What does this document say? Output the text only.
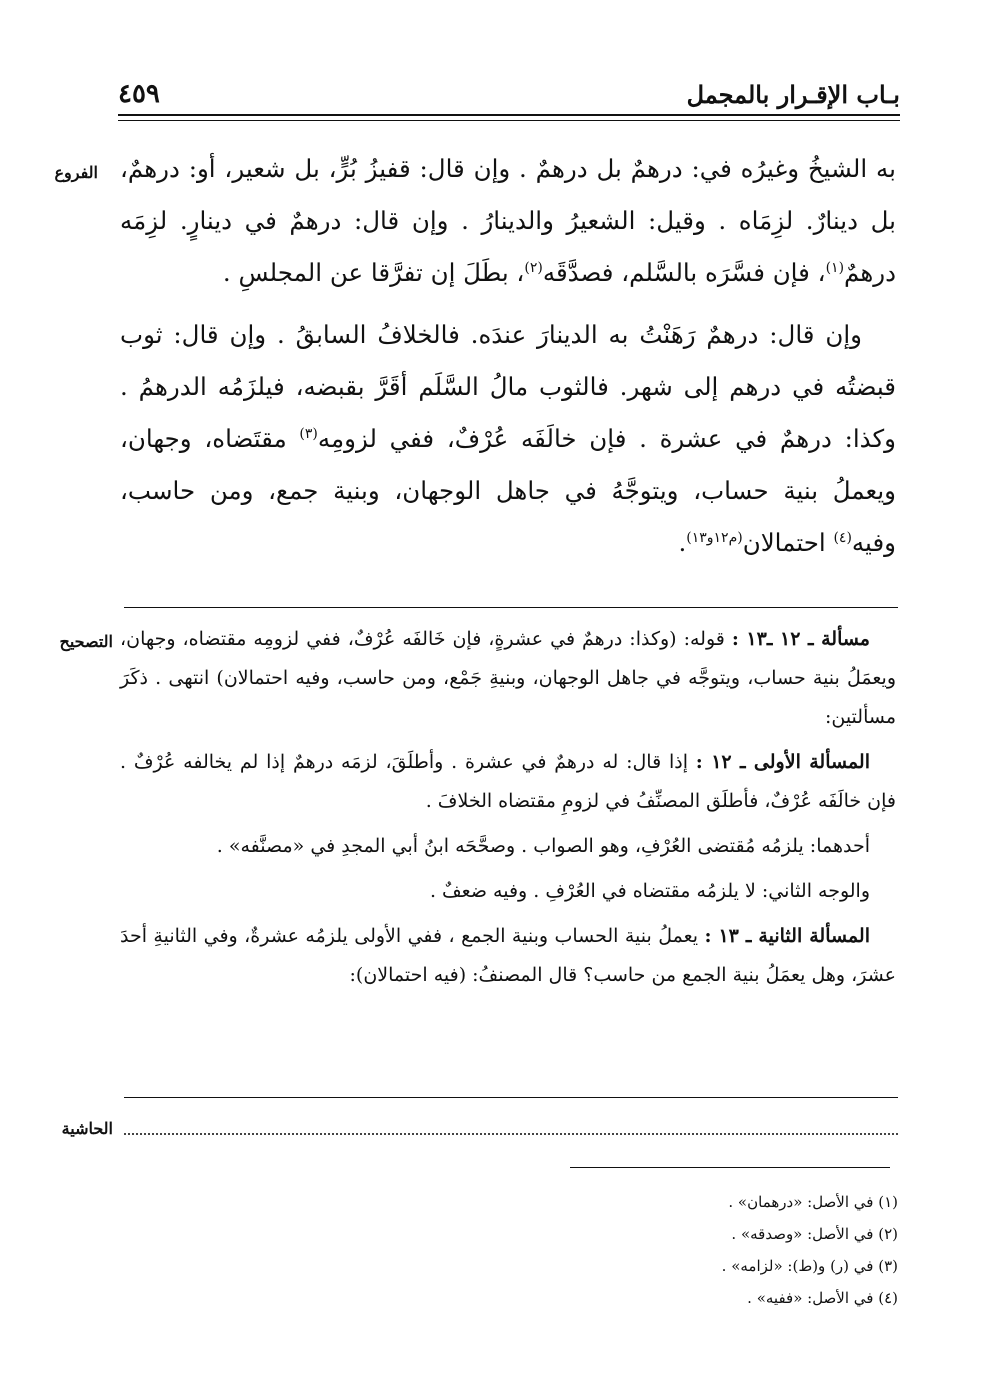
٤٥٩	بـاب الإقـرار بالمجمل
الفروع به الشيخُ وغيرُه في: درهمٌ بل درهمٌ . وإن قال: قفيزُ بُرٍّ، بل شعير، أو: درهمٌ، بل دينارٌ. لزِمَاه . وقيل: الشعيرُ والدينارُ . وإن قال: درهمٌ في دينارٍ. لزِمَه درهمٌ$^{(١)}$، فإن فسَّرَه بالسَّلم، فصدَّقَه$^{(٢)}$، بطَلَ إن تفرَّقا عن المجلسِ .

وإن قال: درهمٌ رَهَنْتُ به الدينارَ عندَه. فالخلافُ السابقُ . وإن قال: ثوب قبضتُه في درهم إلى شهر. فالثوب مالُ السَّلَم أقَرَّ بقبضه، فيلزَمُه الدرهمُ . وكذا: درهمٌ في عشرة . فإن خالَفَه عُرْفٌ، ففي لزومِه$^{(٣)}$ مقتَضاه، وجهان، ويعملُ بنية حساب، ويتوجَّهُ في جاهل الوجهان، وبنية جمع، ومن حاسب، وفيه$^{(٤)}$ احتمالان$^{(م١٢و١٣)}$.

التصحيح	مسألة ـ ١٢ ـ١٣ : قوله: (وكذا: درهمٌ في عشرةٍ، فإن خَالفَه عُرْفٌ، ففي لزومِه مقتضاه، وجهان، ويعمَلُ بنية حساب، ويتوجَّه في جاهل الوجهان، وبنيةِ جَمْع، ومن حاسب، وفيه احتمالان) انتهى . ذكَرَ مسألتين:

المسألة الأولى ـ ١٢ : إذا قال: له درهمٌ في عشرة . وأطلَقَ، لزمَه درهمٌ إذا لم يخالفه عُرْفٌ . فإن خالَفَه عُرْفٌ، فأطلَق المصنِّفُ في لزومِ مقتضاه الخلافَ .

أحدهما: يلزمُه مُقتضى العُرْفِ، وهو الصواب . وصحَّحَه ابنُ أبي المجدِ في «مصنَّفه» .

والوجه الثاني: لا يلزمُه مقتضاه في العُرْفِ . وفيه ضعفٌ .

المسألة الثانية ـ ١٣ : يعملُ بنية الحساب وبنية الجمع ، ففي الأولى يلزمُه عشرةٌ، وفي الثانيةِ أحدَ عشرَ، وهل يعمَلُ بنية الجمع من حاسب؟ قال المصنفُ: (فيه احتمالان):

الحاشية
(١) في الأصل: «درهمان» .
(٢) في الأصل: «وصدقه» .
(٣) في (ر) و(ط): «لزامه» .
(٤) في الأصل: «ففيه» .
